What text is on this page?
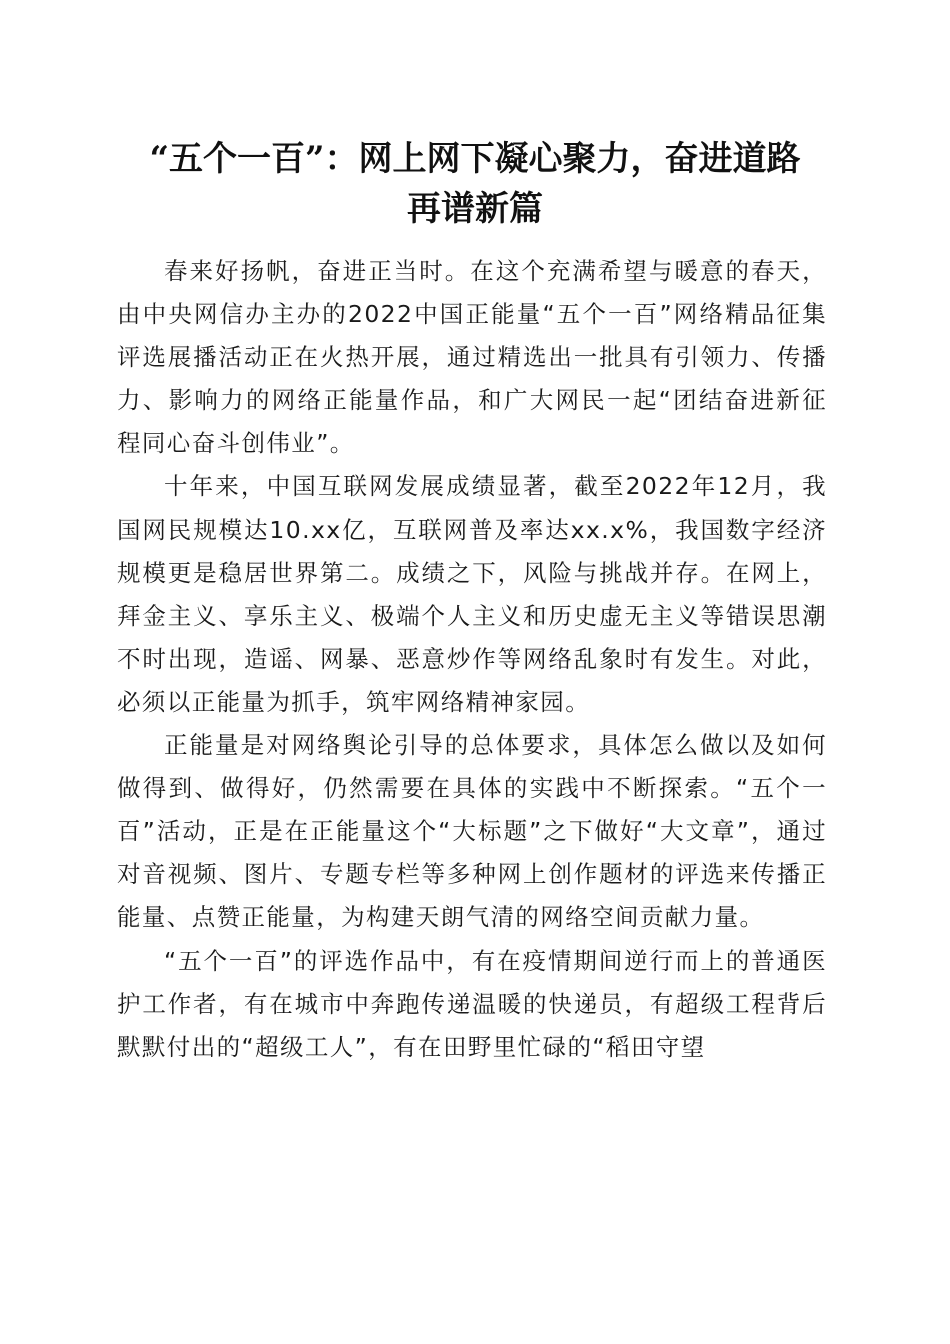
“五个一百”：网上网下凝心聚力，奋进道路
再谱新篇

春来好扬帆，奋进正当时。在这个充满希望与暖意的春天，由中央网信办主办的2022中国正能量“五个一百”网络精品征集评选展播活动正在火热开展，通过精选出一批具有引领力、传播力、影响力的网络正能量作品，和广大网民一起“团结奋进新征程同心奋斗创伟业”。

十年来，中国互联网发展成绩显著，截至2022年12月，我国网民规模达10.xx亿，互联网普及率达xx.x%，我国数字经济规模更是稳居世界第二。成绩之下，风险与挑战并存。在网上，拜金主义、享乐主义、极端个人主义和历史虚无主义等错误思潮不时出现，造谣、网暴、恶意炒作等网络乱象时有发生。对此，必须以正能量为抓手，筑牢网络精神家园。

正能量是对网络舆论引导的总体要求，具体怎么做以及如何做得到、做得好，仍然需要在具体的实践中不断探索。“五个一百”活动，正是在正能量这个“大标题”之下做好“大文章”，通过对音视频、图片、专题专栏等多种网上创作题材的评选来传播正能量、点赞正能量，为构建天朗气清的网络空间贡献力量。

“五个一百”的评选作品中，有在疫情期间逆行而上的普通医护工作者，有在城市中奔跑传递温暖的快递员，有超级工程背后默默付出的“超级工人”，有在田野里忙碌的“稻田守望
